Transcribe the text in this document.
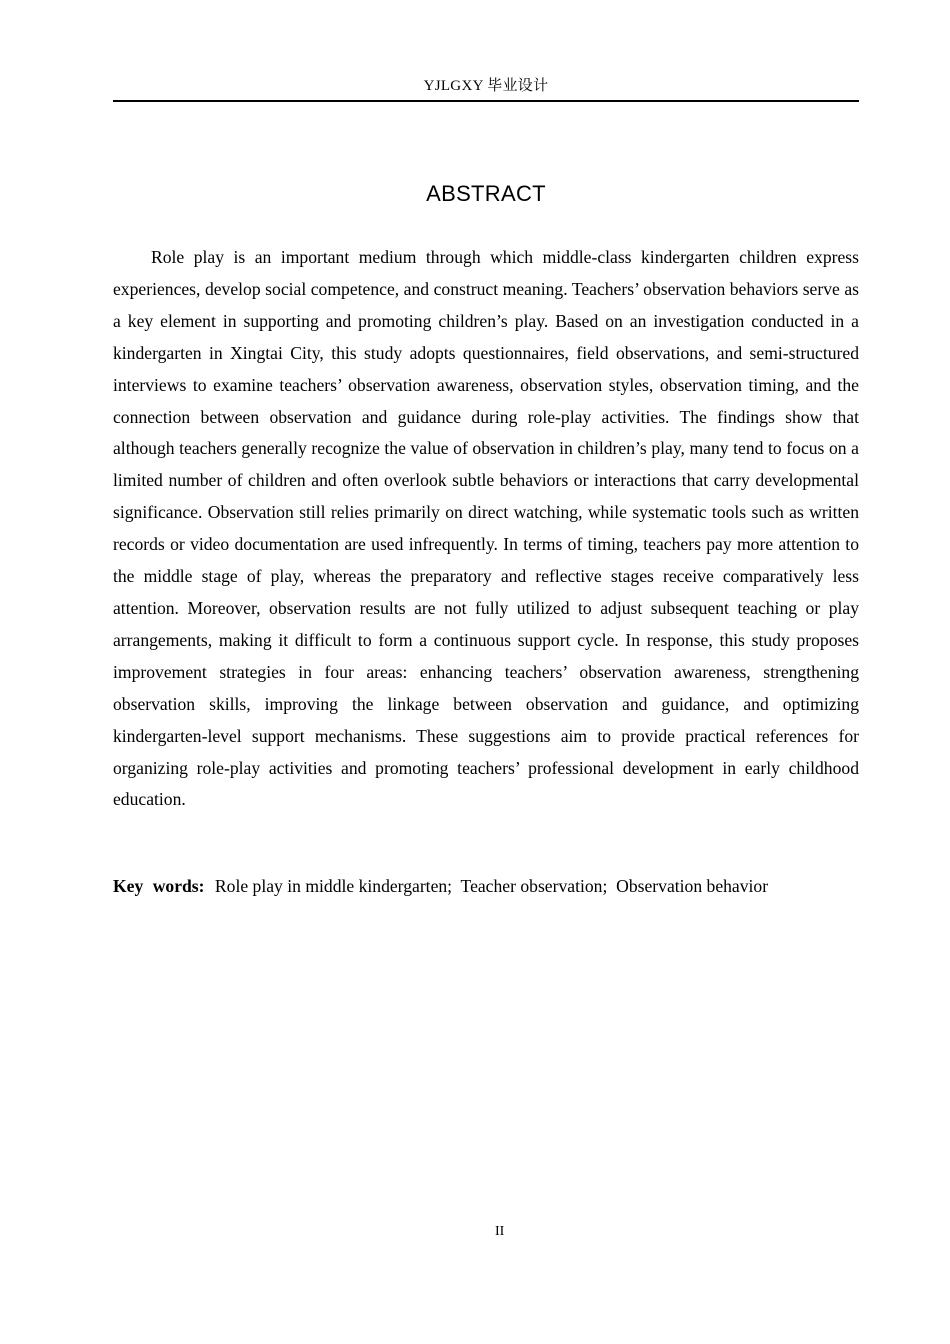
YJLGXY 毕业设计
ABSTRACT

Role play is an important medium through which middle-class kindergarten children express experiences, develop social competence, and construct meaning. Teachers’ observation behaviors serve as a key element in supporting and promoting children’s play. Based on an investigation conducted in a kindergarten in Xingtai City, this study adopts questionnaires, field observations, and semi-structured interviews to examine teachers’ observation awareness, observation styles, observation timing, and the connection between observation and guidance during role-play activities. The findings show that although teachers generally recognize the value of observation in children’s play, many tend to focus on a limited number of children and often overlook subtle behaviors or interactions that carry developmental significance. Observation still relies primarily on direct watching, while systematic tools such as written records or video documentation are used infrequently. In terms of timing, teachers pay more attention to the middle stage of play, whereas the preparatory and reflective stages receive comparatively less attention. Moreover, observation results are not fully utilized to adjust subsequent teaching or play arrangements, making it difficult to form a continuous support cycle. In response, this study proposes improvement strategies in four areas: enhancing teachers’ observation awareness, strengthening observation skills, improving the linkage between observation and guidance, and optimizing kindergarten-level support mechanisms. These suggestions aim to provide practical references for organizing role-play activities and promoting teachers’ professional development in early childhood education.

Key words: Role play in middle kindergarten; Teacher observation; Observation behavior
II
